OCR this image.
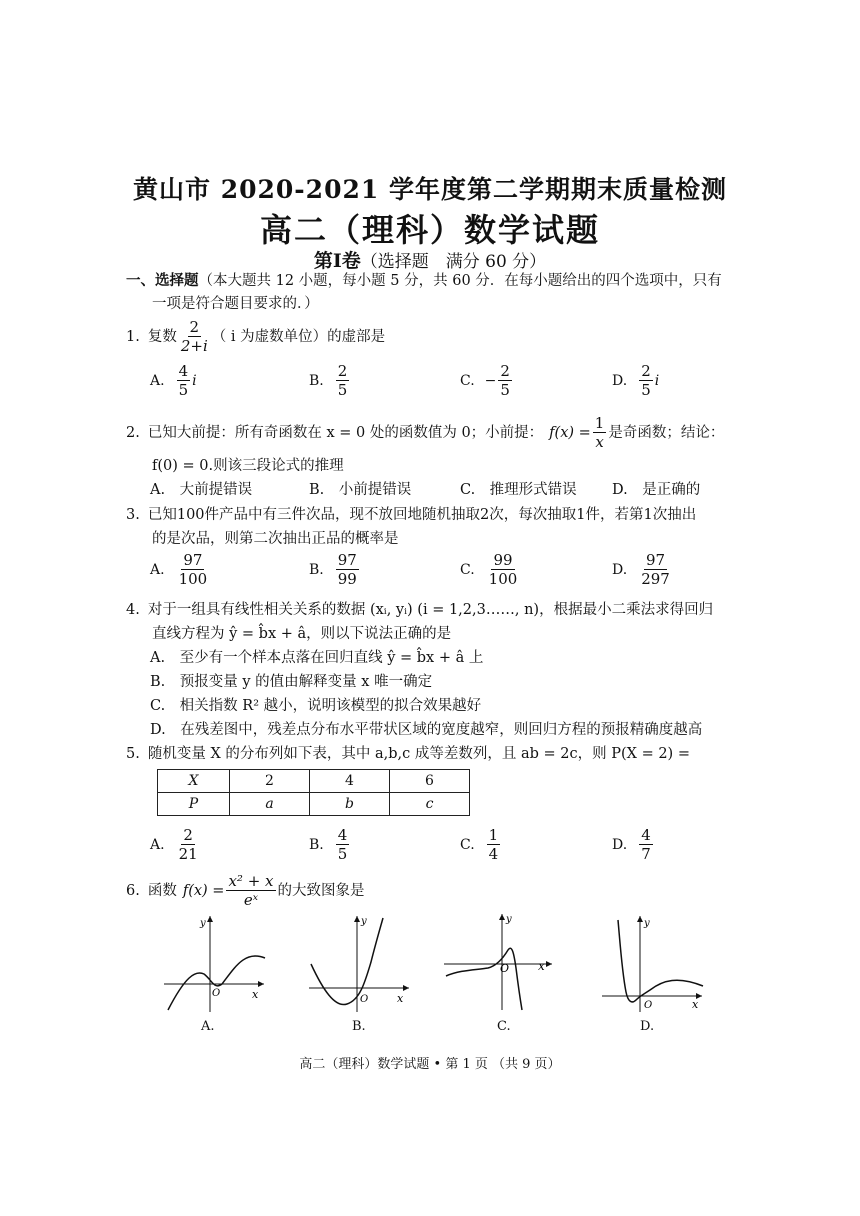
黄山市 2020-2021 学年度第二学期期末质量检测
高二（理科）数学试题
第Ⅰ卷（选择题　满分 60 分）
一、选择题（本大题共 12 小题，每小题 5 分，共 60 分．在每小题给出的四个选项中，只有
一项是符合题目要求的．）
1. 复数 $\frac{2}{2+i}$ （ i 为虚数单位）的虚部是
A. $\frac{4}{5}$ i	B. $\frac{2}{5}$	C. − $\frac{2}{5}$	D. $\frac{2}{5}$ i
2. 已知大前提：所有奇函数在 x = 0 处的函数值为 0；小前提： $f(x) = \frac{1}{x}$ 是奇函数；结论：
f(0) = 0.则该三段论式的推理
A.　大前提错误	B.　小前提错误	C.　推理形式错误 D.　是正确的
3. 已知100件产品中有三件次品，现不放回地随机抽取2次，每次抽取1件，若第1次抽出
的是次品，则第二次抽出正品的概率是
A. $\frac{97}{100}$	B. $\frac{97}{99}$	C. $\frac{99}{100}$	D. $\frac{97}{297}$
4. 对于一组具有线性相关关系的数据 (xᵢ, yᵢ) (i = 1,2,3……, n)，根据最小二乘法求得回归
直线方程为 ŷ = b̂x + â，则以下说法正确的是
A.　至少有一个样本点落在回归直线 ŷ = b̂x + â 上
B.　预报变量 y 的值由解释变量 x 唯一确定
C.　相关指数 R² 越小，说明该模型的拟合效果越好
D.　在残差图中，残差点分布水平带状区域的宽度越窄，则回归方程的预报精确度越高
5. 随机变量 X 的分布列如下表，其中 a,b,c 成等差数列，且 ab = 2c，则 P(X = 2) =
X	2	4	6
P	a	b	c
A. $\frac{2}{21}$	B. $\frac{4}{5}$	C. $\frac{1}{4}$	D. $\frac{4}{7}$
6. 函数 $f(x) = \frac{\text{x² + x}}{\text{eˣ}}$ 的大致图象是
y
x
O
A.
y
x
O
B.
y
x
O
C.
y
x
O
D.
高二（理科）数学试题 • 第 1 页 （共 9 页）
